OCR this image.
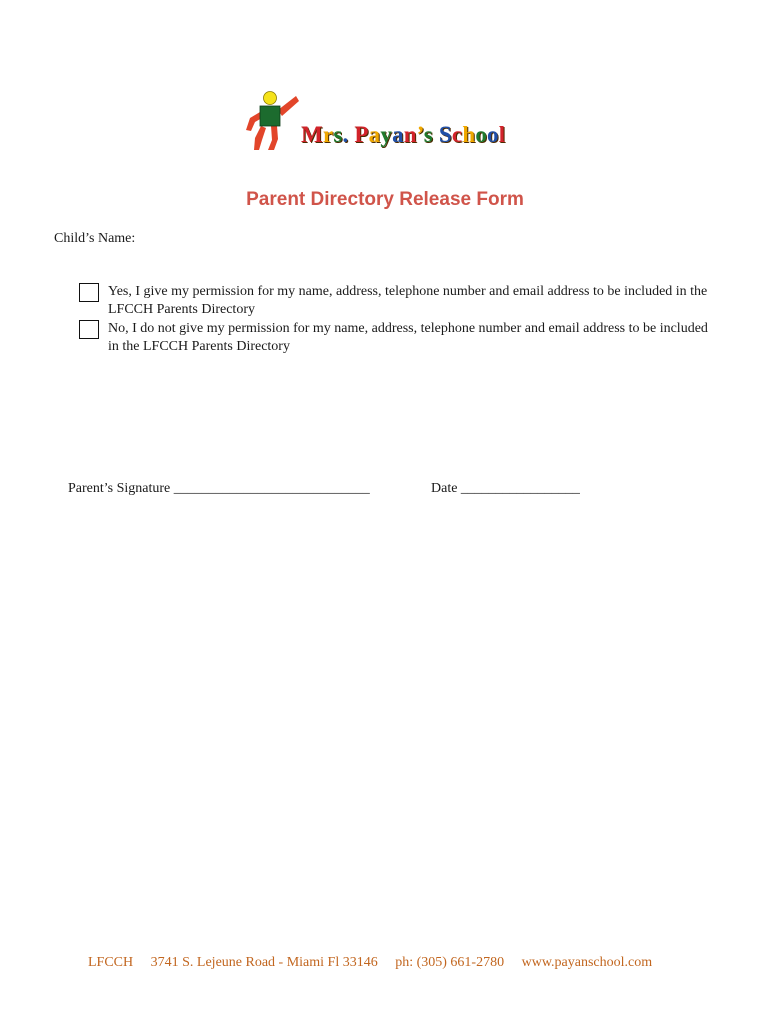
Mrs. Payan’s School
Parent Directory Release Form
Child’s Name:
Yes, I give my permission for my name, address, telephone number and email address to be included in the LFCCH Parents Directory
No, I do not give my permission for my name, address, telephone number and email address to be included in the LFCCH Parents Directory
Parent’s Signature ____________________________	Date _________________
LFCCH 3741 S. Lejeune Road - Miami Fl 33146 ph: (305) 661-2780 www.payanschool.com
